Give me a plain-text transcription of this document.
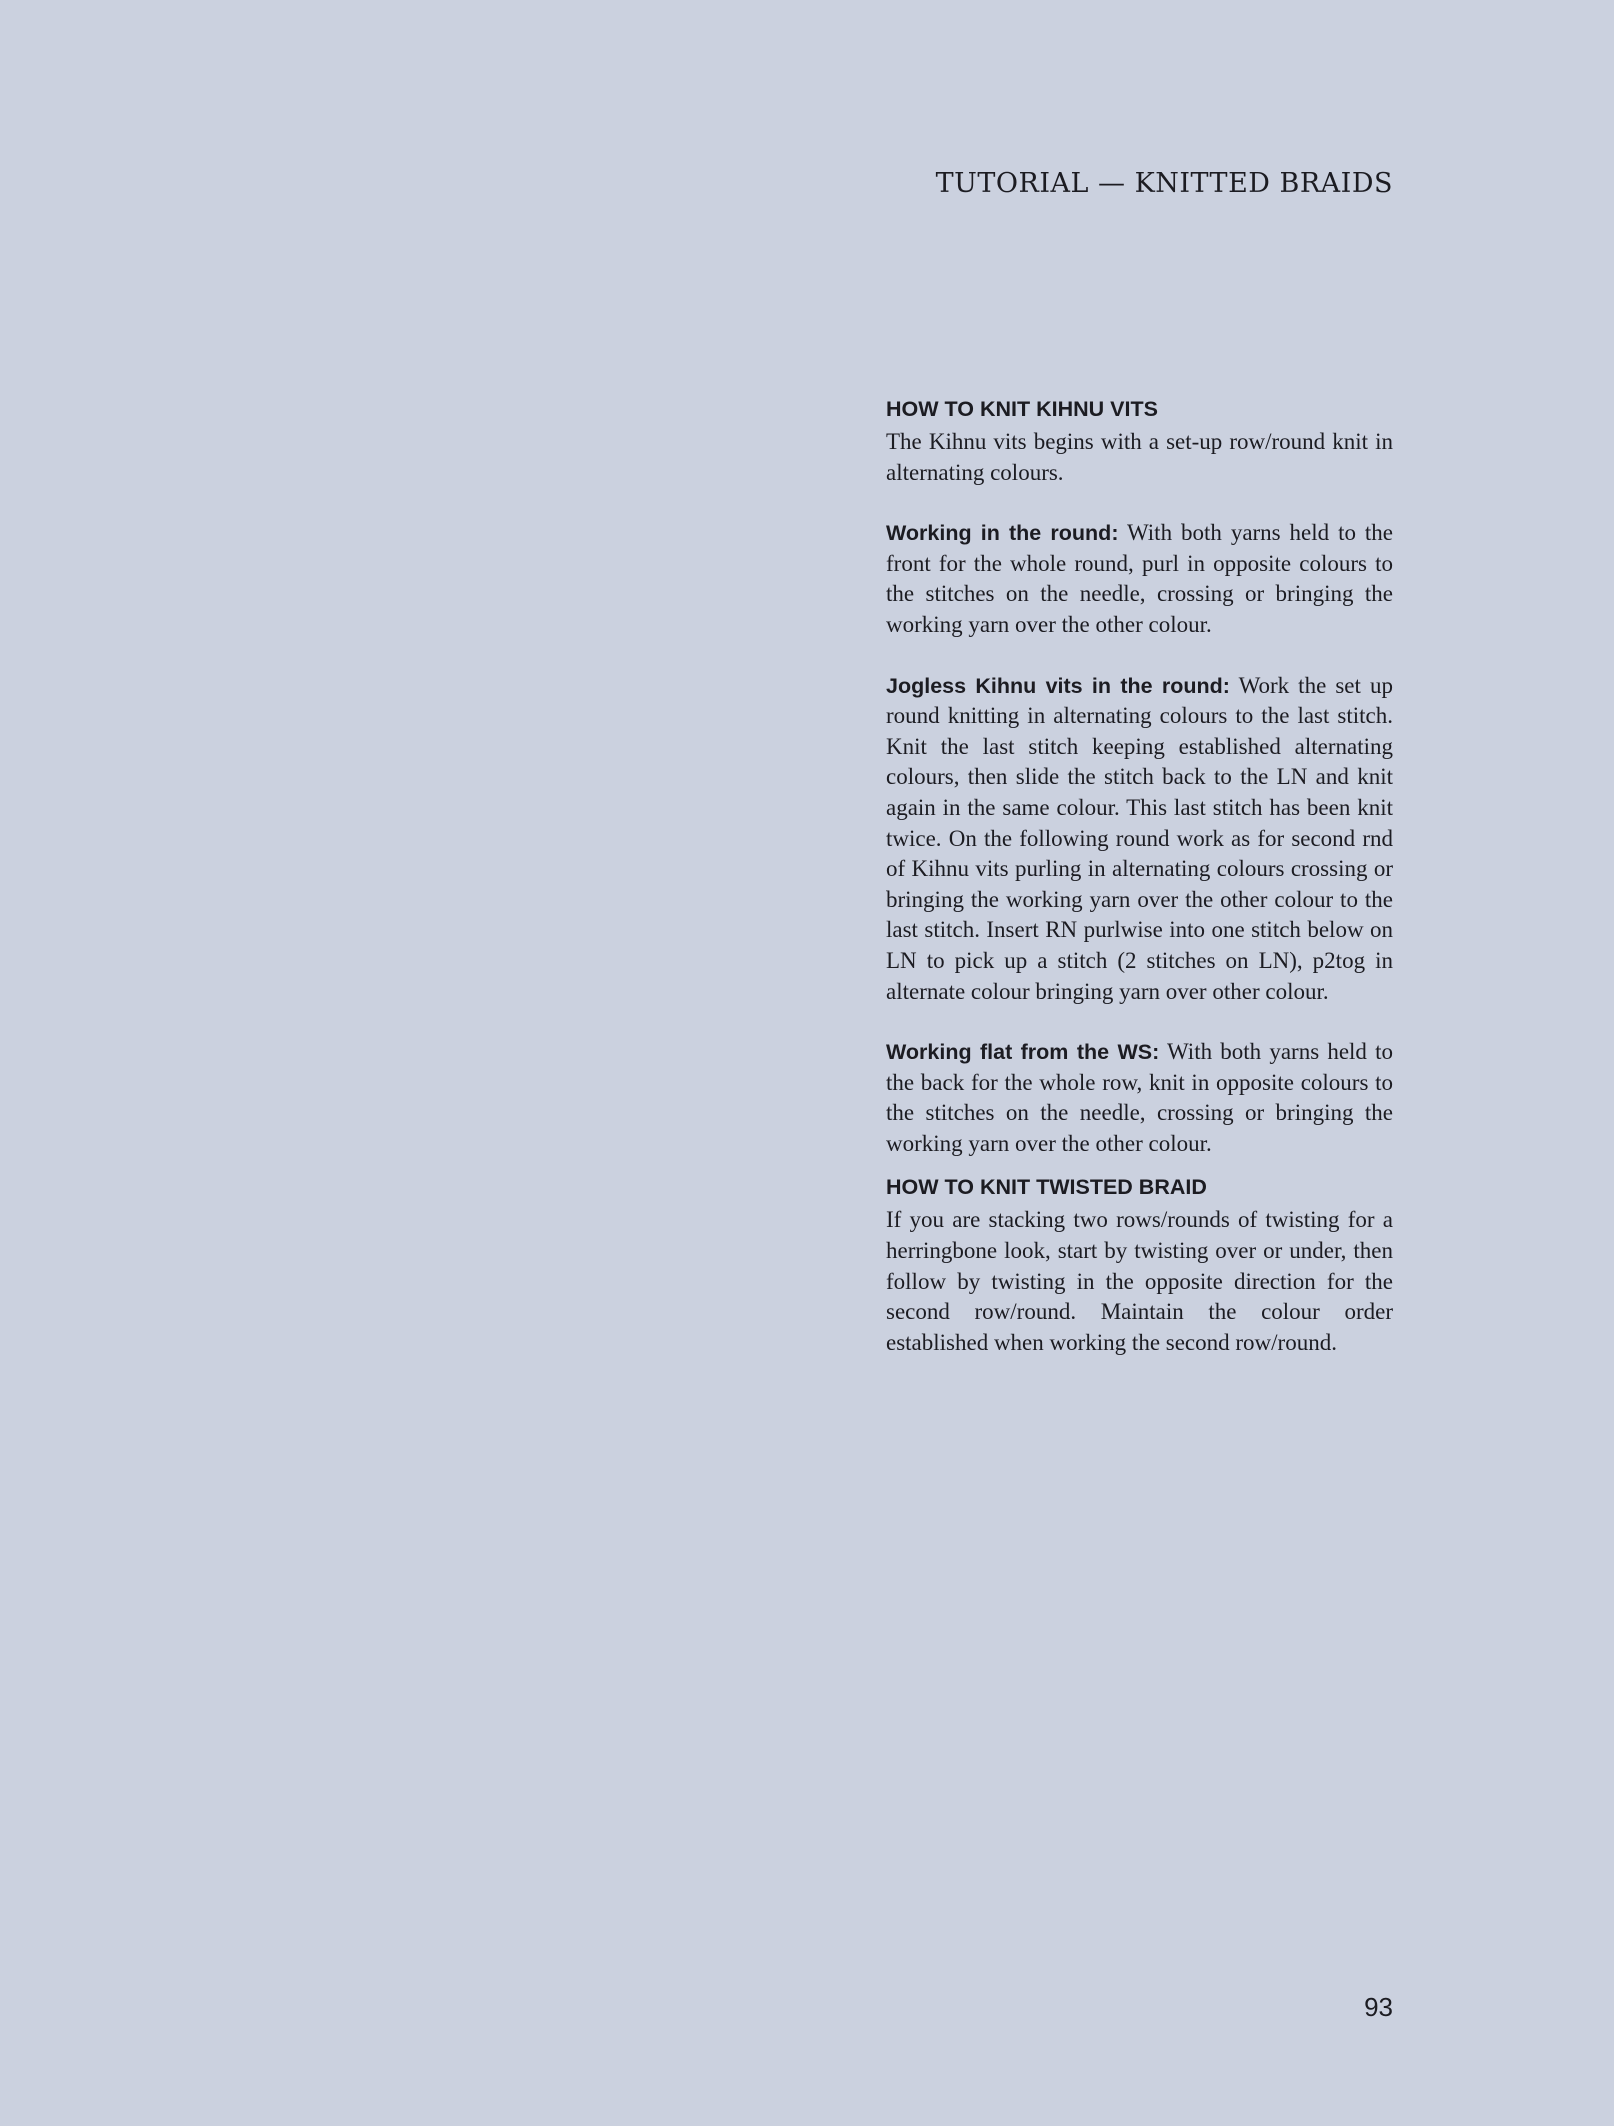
TUTORIAL — KNITTED BRAIDS
HOW TO KNIT KIHNU VITS

The Kihnu vits begins with a set-up row/round knit in alternating colours.

Working in the round: With both yarns held to the front for the whole round, purl in opposite colours to the stitches on the needle, crossing or bringing the working yarn over the other colour.

Jogless Kihnu vits in the round: Work the set up round knitting in alternating colours to the last stitch. Knit the last stitch keeping established alternating colours, then slide the stitch back to the LN and knit again in the same colour. This last stitch has been knit twice. On the following round work as for second rnd of Kihnu vits purling in alternating colours crossing or bringing the working yarn over the other colour to the last stitch. Insert RN purlwise into one stitch below on LN to pick up a stitch (2 stitches on LN), p2tog in alternate colour bringing yarn over other colour.

Working flat from the WS: With both yarns held to the back for the whole row, knit in opposite colours to the stitches on the needle, crossing or bringing the working yarn over the other colour.

HOW TO KNIT TWISTED BRAID

If you are stacking two rows/rounds of twisting for a herringbone look, start by twisting over or under, then follow by twisting in the opposite direction for the second row/round. Maintain the colour order established when working the second row/round.

93
